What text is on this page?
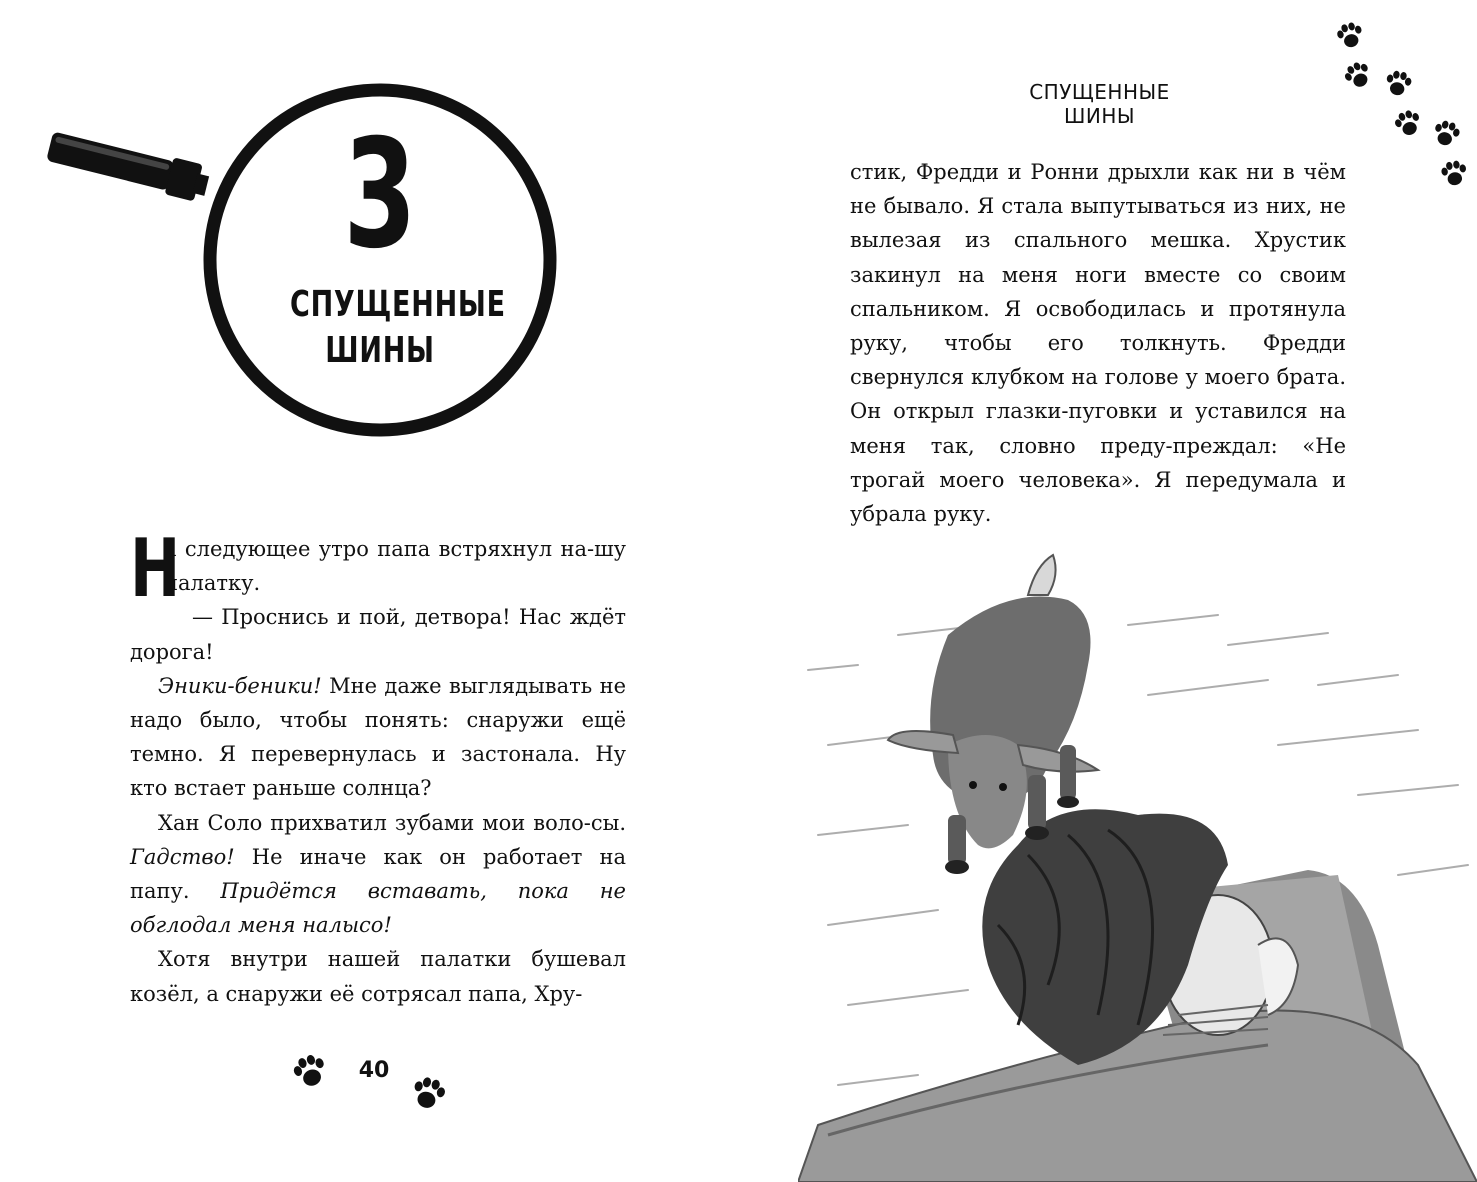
3
СПУЩЕННЫЕ
ШИНЫ

Н
а следующее утро папа встряхнул на-шу палатку.

— Проснись и пой, детвора! Нас ждёт дорога!

Эники-беники! Мне даже выглядывать не надо было, чтобы понять: снаружи ещё темно. Я перевернулась и застонала. Ну кто встает раньше солнца?

Хан Соло прихватил зубами мои воло-сы. Гадство! Не иначе как он работает на папу. Придётся вставать, пока не обглодал меня налысо!

Хотя внутри нашей палатки бушевал козёл, а снаружи её сотрясал папа, Хру-

40
СПУЩЕННЫЕ ШИНЫ

стик, Фредди и Ронни дрыхли как ни в чём не бывало. Я стала выпутываться из них, не вылезая из спального мешка. Хрустик закинул на меня ноги вместе со своим спальником. Я освободилась и протянула руку, чтобы его толкнуть. Фредди свернулся клубком на голове у моего брата. Он открыл глазки-пуговки и уставился на меня так, словно преду-преждал: «Не трогай моего человека». Я передумала и убрала руку.
